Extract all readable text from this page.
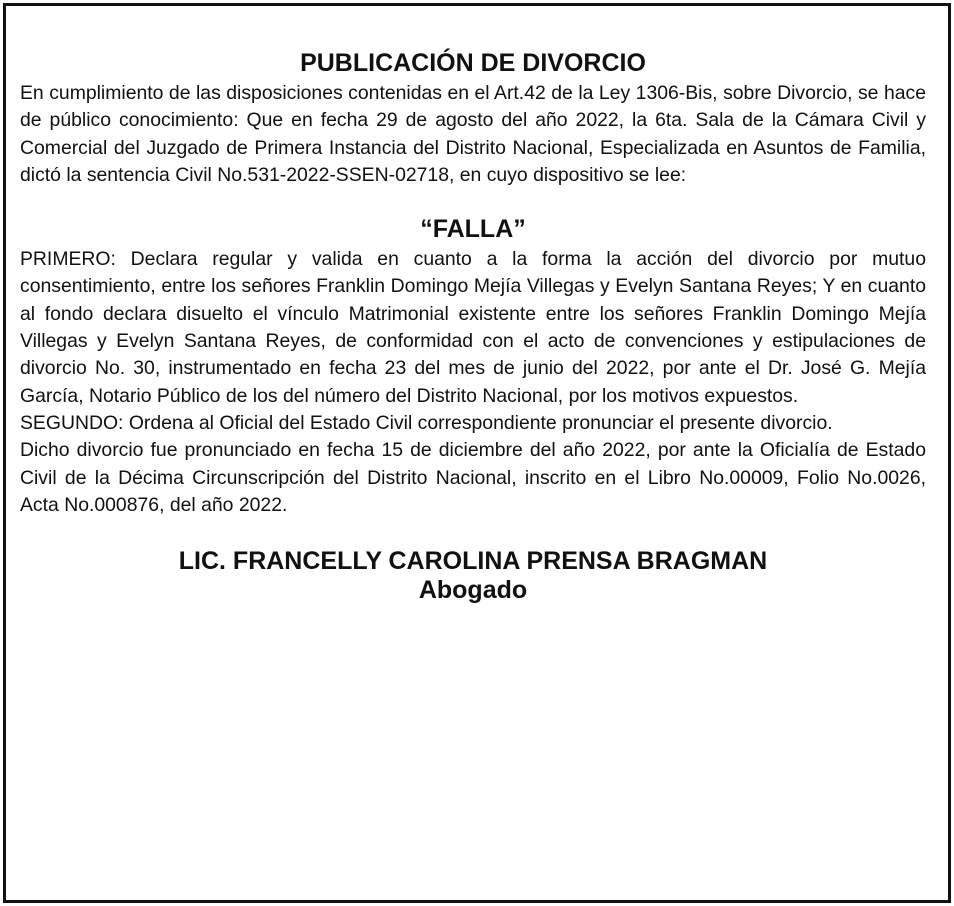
PUBLICACIÓN DE DIVORCIO

En cumplimiento de las disposiciones contenidas en el Art.42 de la Ley 1306-Bis, sobre Divorcio, se hace de público conocimiento: Que en fecha 29 de agosto del año 2022, la 6ta. Sala de la Cámara Civil y Comercial del Juzgado de Primera Instancia del Distrito Nacional, Especializada en Asuntos de Familia, dictó la sentencia Civil No.531-2022-SSEN-02718, en cuyo dispositivo se lee:

“FALLA”

PRIMERO: Declara regular y valida en cuanto a la forma la acción del divorcio por mutuo consentimiento, entre los señores Franklin Domingo Mejía Villegas y Evelyn Santana Reyes; Y en cuanto al fondo declara disuelto el vínculo Matrimonial existente entre los señores Franklin Domingo Mejía Villegas y Evelyn Santana Reyes, de conformidad con el acto de convenciones y estipulaciones de divorcio No. 30, instrumentado en fecha 23 del mes de junio del 2022, por ante el Dr. José G. Mejía García, Notario Público de los del número del Distrito Nacional, por los motivos expuestos.

SEGUNDO: Ordena al Oficial del Estado Civil correspondiente pronunciar el presente divorcio.

Dicho divorcio fue pronunciado en fecha 15 de diciembre del año 2022, por ante la Oficialía de Estado Civil de la Décima Circunscripción del Distrito Nacional, inscrito en el Libro No.00009, Folio No.0026, Acta No.000876, del año 2022.

LIC. FRANCELLY CAROLINA PRENSA BRAGMAN
Abogado
